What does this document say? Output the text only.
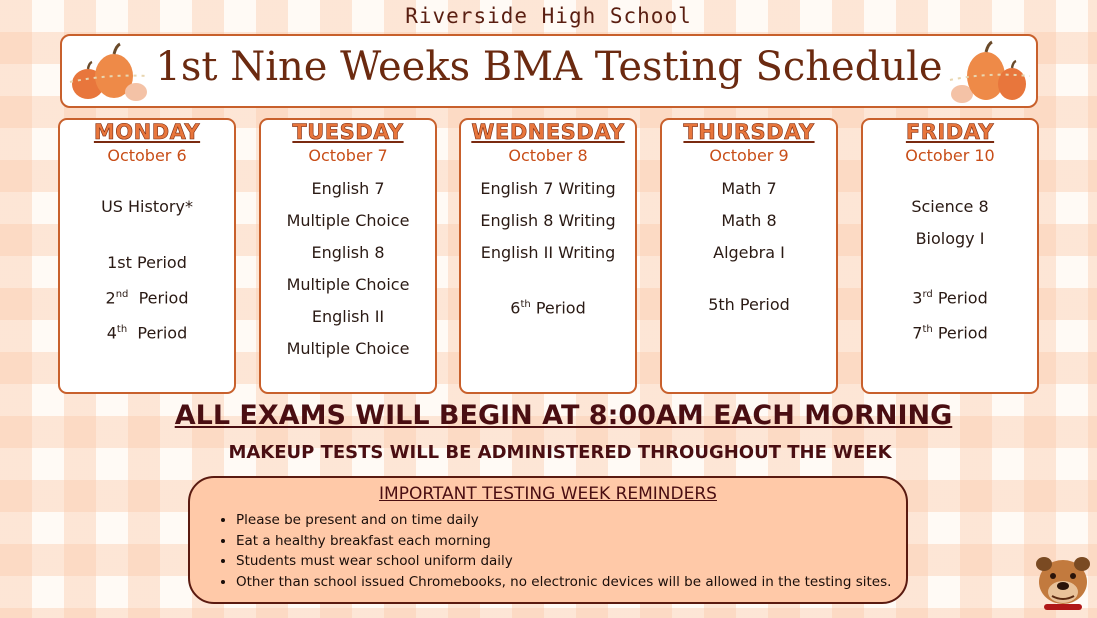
Riverside High School
1st Nine Weeks BMA Testing Schedule
MONDAY
October 6
US History*
1st Period
2nd Period
4th Period
TUESDAY
October 7
English 7
Multiple Choice
English 8
Multiple Choice
English II
Multiple Choice
WEDNESDAY
October 8
English 7 Writing
English 8 Writing
English II Writing
6th Period
THURSDAY
October 9
Math 7
Math 8
Algebra I
5th Period
FRIDAY
October 10
Science 8
Biology I
3rd Period
7th Period
ALL EXAMS WILL BEGIN AT 8:00AM EACH MORNING
MAKEUP TESTS WILL BE ADMINISTERED THROUGHOUT THE WEEK
IMPORTANT TESTING WEEK REMINDERS
• Please be present and on time daily
• Eat a healthy breakfast each morning
• Students must wear school uniform daily
• Other than school issued Chromebooks, no electronic devices will be allowed in the testing sites.
